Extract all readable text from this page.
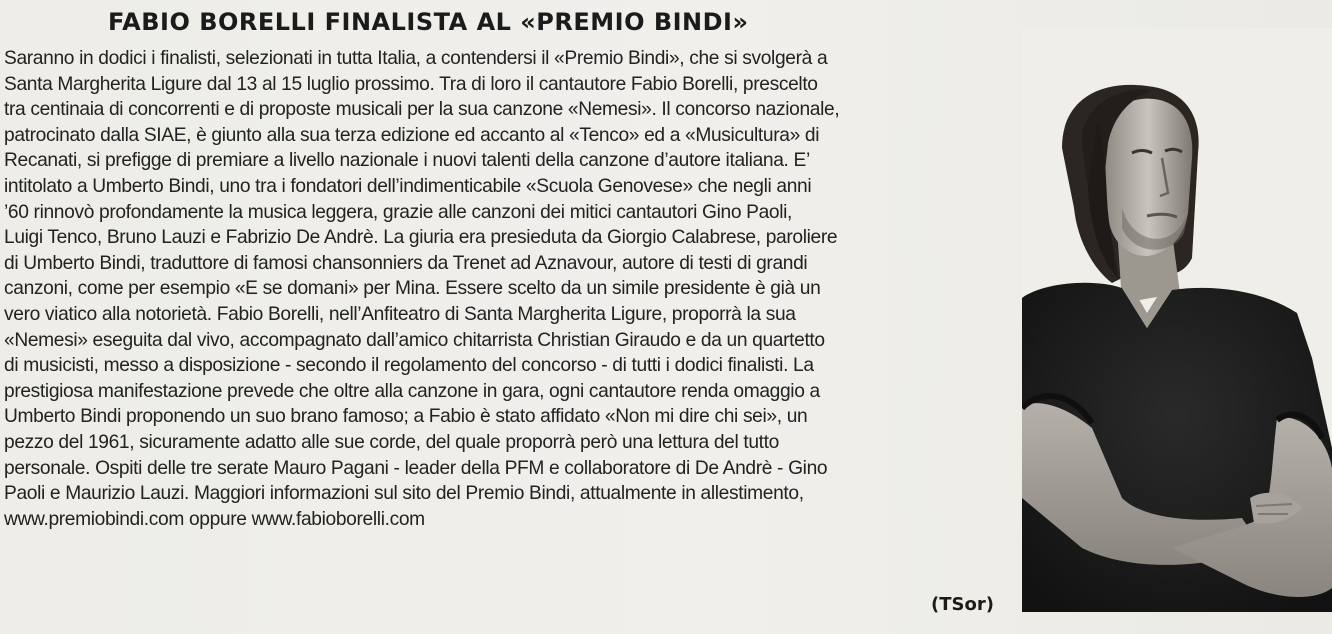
FABIO BORELLI FINALISTA AL «PREMIO BINDI»
Saranno in dodici i finalisti, selezionati in tutta Italia, a contendersi il «Premio Bindi», che si svolgerà a
Santa Margherita Ligure dal 13 al 15 luglio prossimo. Tra di loro il cantautore Fabio Borelli, prescelto
tra centinaia di concorrenti e di proposte musicali per la sua canzone «Nemesi». Il concorso nazionale,
patrocinato dalla SIAE, è giunto alla sua terza edizione ed accanto al «Tenco» ed a «Musicultura» di
Recanati, si prefigge di premiare a livello nazionale i nuovi talenti della canzone d’autore italiana. E’
intitolato a Umberto Bindi, uno tra i fondatori dell’indimenticabile «Scuola Genovese» che negli anni
’60 rinnovò profondamente la musica leggera, grazie alle canzoni dei mitici cantautori Gino Paoli,
Luigi Tenco, Bruno Lauzi e Fabrizio De Andrè. La giuria era presieduta da Giorgio Calabrese, paroliere
di Umberto Bindi, traduttore di famosi chansonniers da Trenet ad Aznavour, autore di testi di grandi
canzoni, come per esempio «E se domani» per Mina. Essere scelto da un simile presidente è già un
vero viatico alla notorietà. Fabio Borelli, nell’Anfiteatro di Santa Margherita Ligure, proporrà la sua
«Nemesi» eseguita dal vivo, accompagnato dall’amico chitarrista Christian Giraudo e da un quartetto
di musicisti, messo a disposizione - secondo il regolamento del concorso - di tutti i dodici finalisti. La
prestigiosa manifestazione prevede che oltre alla canzone in gara, ogni cantautore renda omaggio a
Umberto Bindi proponendo un suo brano famoso; a Fabio è stato affidato «Non mi dire chi sei», un
pezzo del 1961, sicuramente adatto alle sue corde, del quale proporrà però una lettura del tutto
personale. Ospiti delle tre serate Mauro Pagani - leader della PFM e collaboratore di De Andrè - Gino
Paoli e Maurizio Lauzi. Maggiori informazioni sul sito del Premio Bindi, attualmente in allestimento,
www.premiobindi.com oppure www.fabioborelli.com

(TSor)
